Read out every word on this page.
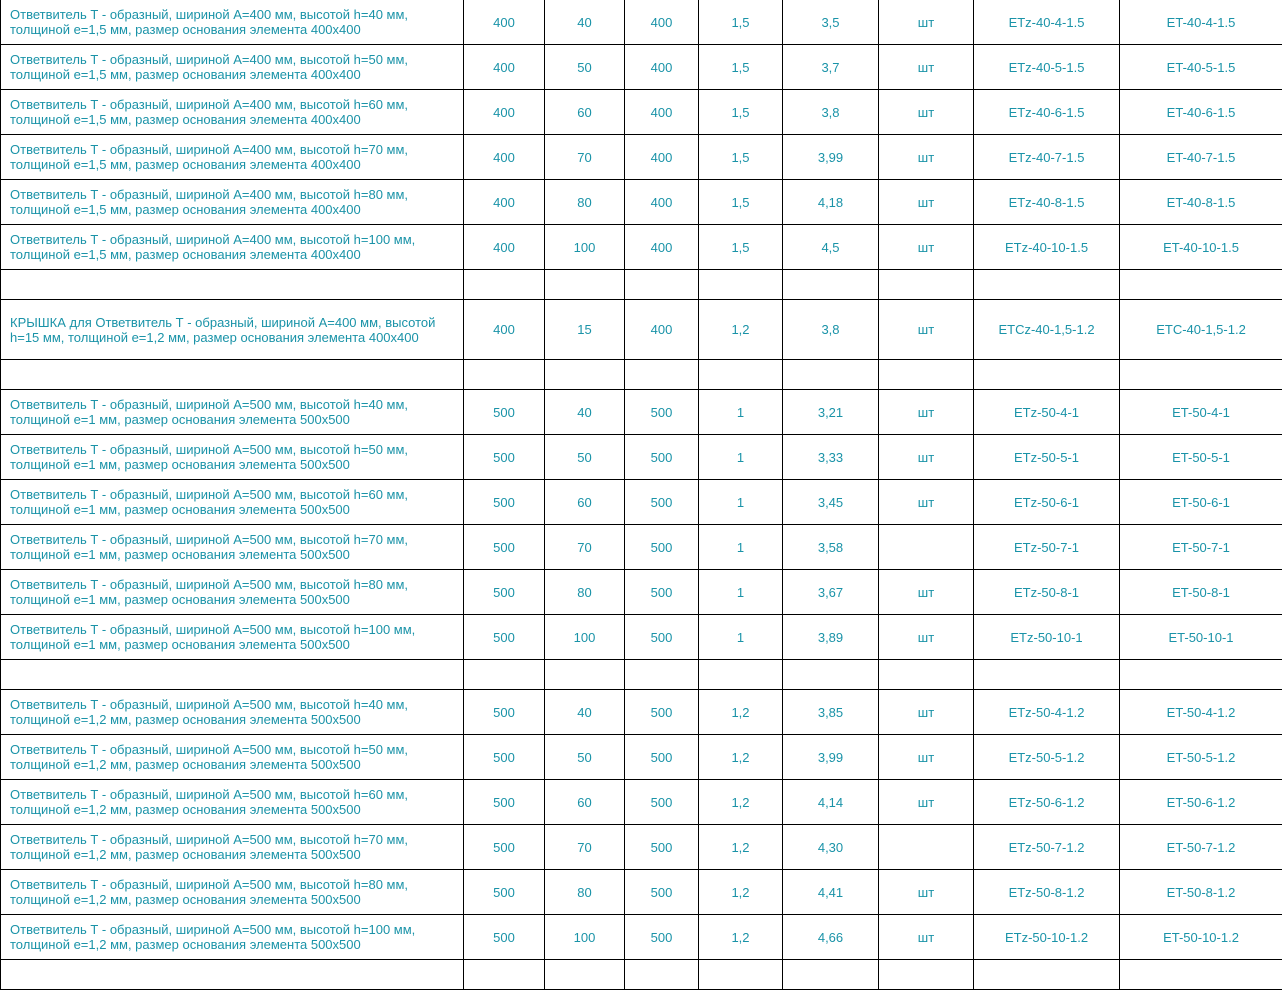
Ответвитель Т - образный, шириной А=400 мм, высотой h=40 мм, толщиной е=1,5 мм, размер основания элемента 400х400	400	40	400	1,5	3,5	шт	ETz-40-4-1.5	ET-40-4-1.5
Ответвитель Т - образный, шириной А=400 мм, высотой h=50 мм, толщиной е=1,5 мм, размер основания элемента 400х400	400	50	400	1,5	3,7	шт	ETz-40-5-1.5	ET-40-5-1.5
Ответвитель Т - образный, шириной А=400 мм, высотой h=60 мм, толщиной е=1,5 мм, размер основания элемента 400х400	400	60	400	1,5	3,8	шт	ETz-40-6-1.5	ET-40-6-1.5
Ответвитель Т - образный, шириной А=400 мм, высотой h=70 мм, толщиной е=1,5 мм, размер основания элемента 400х400	400	70	400	1,5	3,99	шт	ETz-40-7-1.5	ET-40-7-1.5
Ответвитель Т - образный, шириной А=400 мм, высотой h=80 мм, толщиной е=1,5 мм, размер основания элемента 400х400	400	80	400	1,5	4,18	шт	ETz-40-8-1.5	ET-40-8-1.5
Ответвитель Т - образный, шириной А=400 мм, высотой h=100 мм, толщиной е=1,5 мм, размер основания элемента 400х400	400	100	400	1,5	4,5	шт	ETz-40-10-1.5	ET-40-10-1.5

КРЫШКА для Ответвитель Т - образный, шириной А=400 мм, высотой h=15 мм, толщиной е=1,2 мм, размер основания элемента 400х400	400	15	400	1,2	3,8	шт	ETCz-40-1,5-1.2	ETC-40-1,5-1.2

Ответвитель Т - образный, шириной А=500 мм, высотой h=40 мм, толщиной е=1 мм, размер основания элемента 500х500	500	40	500	1	3,21	шт	ETz-50-4-1	ET-50-4-1
Ответвитель Т - образный, шириной А=500 мм, высотой h=50 мм, толщиной е=1 мм, размер основания элемента 500х500	500	50	500	1	3,33	шт	ETz-50-5-1	ET-50-5-1
Ответвитель Т - образный, шириной А=500 мм, высотой h=60 мм, толщиной е=1 мм, размер основания элемента 500х500	500	60	500	1	3,45	шт	ETz-50-6-1	ET-50-6-1
Ответвитель Т - образный, шириной А=500 мм, высотой h=70 мм, толщиной е=1 мм, размер основания элемента 500х500	500	70	500	1	3,58		ETz-50-7-1	ET-50-7-1
Ответвитель Т - образный, шириной А=500 мм, высотой h=80 мм, толщиной е=1 мм, размер основания элемента 500х500	500	80	500	1	3,67	шт	ETz-50-8-1	ET-50-8-1
Ответвитель Т - образный, шириной А=500 мм, высотой h=100 мм, толщиной е=1 мм, размер основания элемента 500х500	500	100	500	1	3,89	шт	ETz-50-10-1	ET-50-10-1

Ответвитель Т - образный, шириной А=500 мм, высотой h=40 мм, толщиной е=1,2 мм, размер основания элемента 500х500	500	40	500	1,2	3,85	шт	ETz-50-4-1.2	ET-50-4-1.2
Ответвитель Т - образный, шириной А=500 мм, высотой h=50 мм, толщиной е=1,2 мм, размер основания элемента 500х500	500	50	500	1,2	3,99	шт	ETz-50-5-1.2	ET-50-5-1.2
Ответвитель Т - образный, шириной А=500 мм, высотой h=60 мм, толщиной е=1,2 мм, размер основания элемента 500х500	500	60	500	1,2	4,14	шт	ETz-50-6-1.2	ET-50-6-1.2
Ответвитель Т - образный, шириной А=500 мм, высотой h=70 мм, толщиной е=1,2 мм, размер основания элемента 500х500	500	70	500	1,2	4,30		ETz-50-7-1.2	ET-50-7-1.2
Ответвитель Т - образный, шириной А=500 мм, высотой h=80 мм, толщиной е=1,2 мм, размер основания элемента 500х500	500	80	500	1,2	4,41	шт	ETz-50-8-1.2	ET-50-8-1.2
Ответвитель Т - образный, шириной А=500 мм, высотой h=100 мм, толщиной е=1,2 мм, размер основания элемента 500х500	500	100	500	1,2	4,66	шт	ETz-50-10-1.2	ET-50-10-1.2
